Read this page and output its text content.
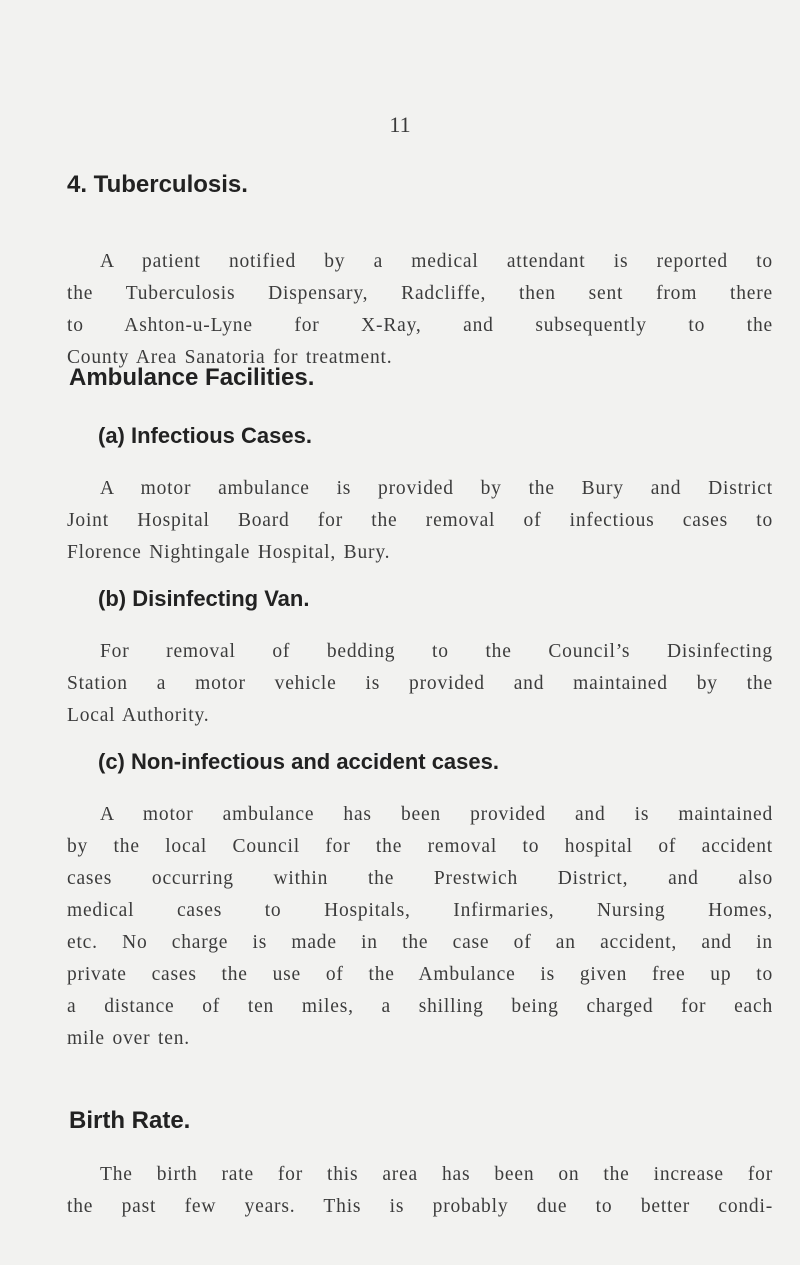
11
4. Tuberculosis.
A patient notified by a medical attendant is reported to
the Tuberculosis Dispensary, Radcliffe, then sent from there
to Ashton-u-Lyne for X-Ray, and subsequently to the
County Area Sanatoria for treatment.
Ambulance Facilities.
(a) Infectious Cases.
A motor ambulance is provided by the Bury and District
Joint Hospital Board for the removal of infectious cases to
Florence Nightingale Hospital, Bury.
(b) Disinfecting Van.
For removal of bedding to the Council’s Disinfecting
Station a motor vehicle is provided and maintained by the
Local Authority.
(c) Non-infectious and accident cases.
A motor ambulance has been provided and is maintained
by the local Council for the removal to hospital of accident
cases occurring within the Prestwich District, and also
medical cases to Hospitals, Infirmaries, Nursing Homes,
etc. No charge is made in the case of an accident, and in
private cases the use of the Ambulance is given free up to
a distance of ten miles, a shilling being charged for each
mile over ten.
Birth Rate.
The birth rate for this area has been on the increase for
the past few years. This is probably due to better condi-
